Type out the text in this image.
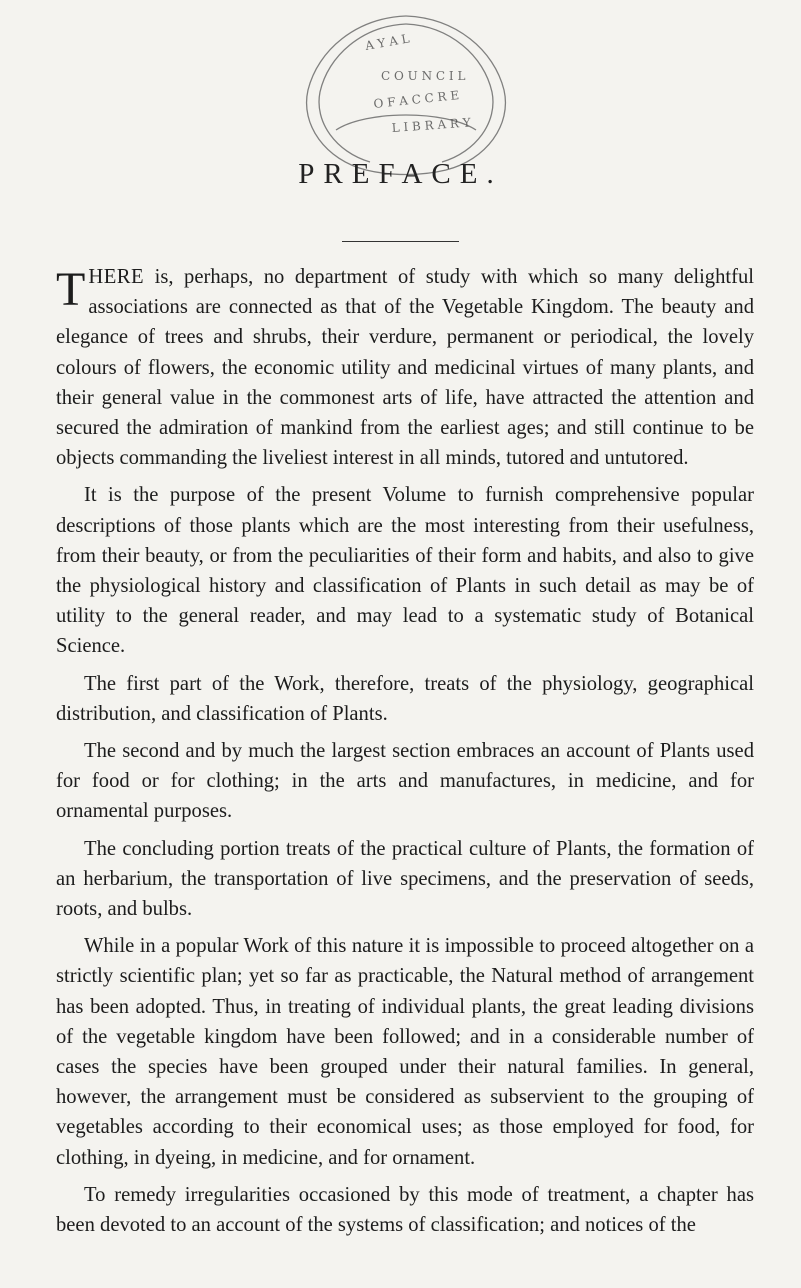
A Y A L
C O U N C I L
O F A C C R E
L I B R A R Y
PREFACE.

THERE is, perhaps, no department of study with which so many delightful associations are connected as that of the Vegetable Kingdom. The beauty and elegance of trees and shrubs, their verdure, permanent or periodical, the lovely colours of flowers, the economic utility and medicinal virtues of many plants, and their general value in the commonest arts of life, have attracted the attention and secured the admiration of mankind from the earliest ages; and still continue to be objects commanding the liveliest interest in all minds, tutored and untutored.

It is the purpose of the present Volume to furnish comprehensive popular descriptions of those plants which are the most interesting from their usefulness, from their beauty, or from the peculiarities of their form and habits, and also to give the physiological history and classification of Plants in such detail as may be of utility to the general reader, and may lead to a systematic study of Botanical Science.

The first part of the Work, therefore, treats of the physiology, geographical distribution, and classification of Plants.

The second and by much the largest section embraces an account of Plants used for food or for clothing; in the arts and manufactures, in medicine, and for ornamental purposes.

The concluding portion treats of the practical culture of Plants, the formation of an herbarium, the transportation of live specimens, and the preservation of seeds, roots, and bulbs.

While in a popular Work of this nature it is impossible to proceed altogether on a strictly scientific plan; yet so far as practicable, the Natural method of arrangement has been adopted. Thus, in treating of individual plants, the great leading divisions of the vegetable kingdom have been followed; and in a considerable number of cases the species have been grouped under their natural families. In general, however, the arrangement must be considered as subservient to the grouping of vegetables according to their economical uses; as those employed for food, for clothing, in dyeing, in medicine, and for ornament.

To remedy irregularities occasioned by this mode of treatment, a chapter has been devoted to an account of the systems of classification; and notices of the
